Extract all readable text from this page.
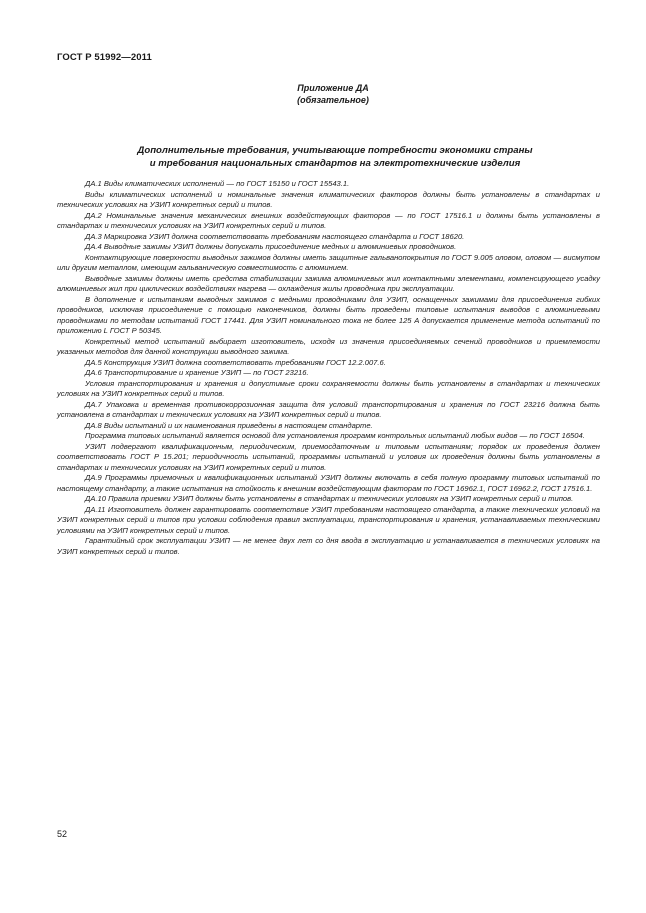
ГОСТ Р 51992—2011
Приложение ДА
(обязательное)
Дополнительные требования, учитывающие потребности экономики страны
и требования национальных стандартов на электротехнические изделия

ДА.1 Виды климатических исполнений — по ГОСТ 15150 и ГОСТ 15543.1.

Виды климатических исполнений и номинальные значения климатических факторов должны быть установлены в стандартах и технических условиях на УЗИП конкретных серий и типов.

ДА.2 Номинальные значения механических внешних воздействующих факторов — по ГОСТ 17516.1 и должны быть установлены в стандартах и технических условиях на УЗИП конкретных серий и типов.

ДА.3 Маркировка УЗИП должна соответствовать требованиям настоящего стандарта и ГОСТ 18620.

ДА.4 Выводные зажимы УЗИП должны допускать присоединение медных и алюминиевых проводников.

Контактирующие поверхности выводных зажимов должны иметь защитные гальванопокрытия по ГОСТ 9.005 оловом, оловом — висмутом или другим металлом, имеющим гальваническую совместимость с алюминием.

Выводные зажимы должны иметь средства стабилизации зажима алюминиевых жил контактными элементами, компенсирующего усадку алюминиевых жил при циклических воздействиях нагрева — охлаждения жилы проводника при эксплуатации.

В дополнение к испытаниям выводных зажимов с медными проводниками для УЗИП, оснащенных зажимами для присоединения гибких проводников, исключая присоединение с помощью наконечников, должны быть проведены типовые испытания выводов с алюминиевыми проводниками по методам испытаний ГОСТ 17441. Для УЗИП номинального тока не более 125 А допускается применение метода испытаний по приложению L ГОСТ Р 50345.

Конкретный метод испытаний выбирает изготовитель, исходя из значения присоединяемых сечений проводников и приемлемости указанных методов для данной конструкции выводного зажима.

ДА.5 Конструкция УЗИП должна соответствовать требованиям ГОСТ 12.2.007.6.

ДА.6 Транспортирование и хранение УЗИП — по ГОСТ 23216.

Условия транспортирования и хранения и допустимые сроки сохраняемости должны быть установлены в стандартах и технических условиях на УЗИП конкретных серий и типов.

ДА.7 Упаковка и временная противокоррозионная защита для условий транспортирования и хранения по ГОСТ 23216 должна быть установлена в стандартах и технических условиях на УЗИП конкретных серий и типов.

ДА.8 Виды испытаний и их наименования приведены в настоящем стандарте.

Программа типовых испытаний является основой для установления программ контрольных испытаний любых видов — по ГОСТ 16504.

УЗИП подвергают квалификационным, периодическим, приемосдаточным и типовым испытаниям; порядок их проведения должен соответствовать ГОСТ Р 15.201; периодичность испытаний, программы испытаний и условия их проведения должны быть установлены в стандартах и технических условиях на УЗИП конкретных серий и типов.

ДА.9 Программы приемочных и квалификационных испытаний УЗИП должны включать в себя полную программу типовых испытаний по настоящему стандарту, а также испытания на стойкость к внешним воздействующим факторам по ГОСТ 16962.1, ГОСТ 16962.2, ГОСТ 17516.1.

ДА.10 Правила приемки УЗИП должны быть установлены в стандартах и технических условиях на УЗИП конкретных серий и типов.

ДА.11 Изготовитель должен гарантировать соответствие УЗИП требованиям настоящего стандарта, а также технических условий на УЗИП конкретных серий и типов при условии соблюдения правил эксплуатации, транспортирования и хранения, устанавливаемых техническими условиями на УЗИП конкретных серий и типов.

Гарантийный срок эксплуатации УЗИП — не менее двух лет со дня ввода в эксплуатацию и устанавливается в технических условиях на УЗИП конкретных серий и типов.

52
